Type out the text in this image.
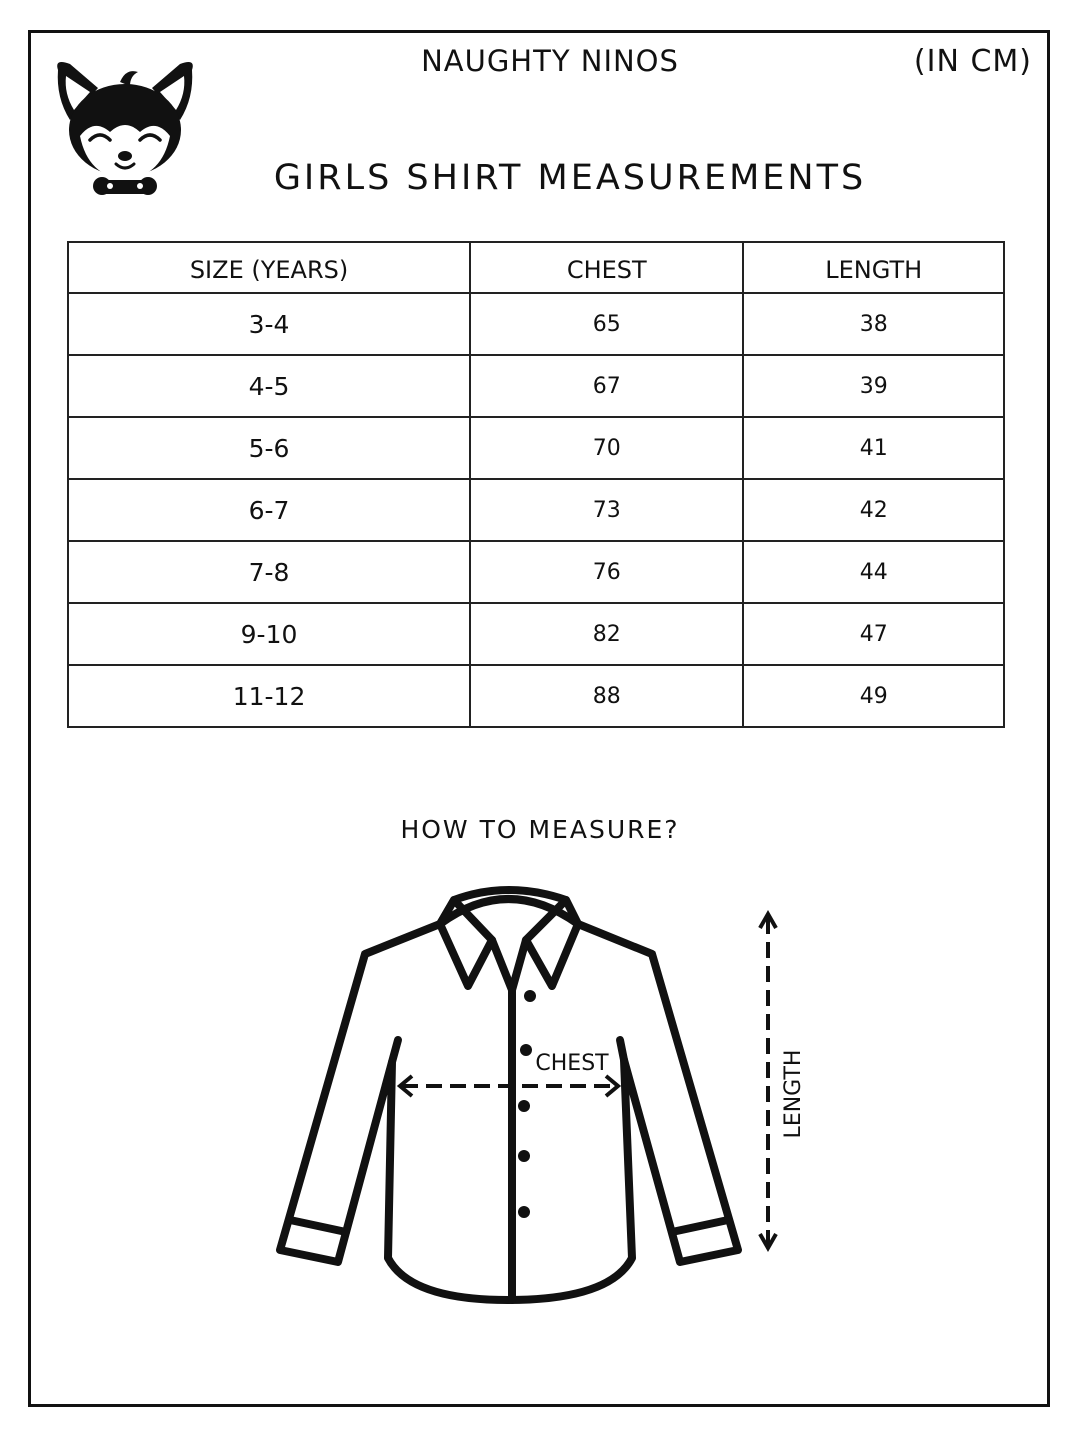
NAUGHTY NINOS	(IN CM)
GIRLS SHIRT MEASUREMENTS
SIZE (YEARS)	CHEST	LENGTH
3-4	65	38
4-5	67	39
5-6	70	41
6-7	73	42
7-8	76	44
9-10	82	47
11-12	88	49
HOW TO MEASURE?
CHEST	LENGTH
